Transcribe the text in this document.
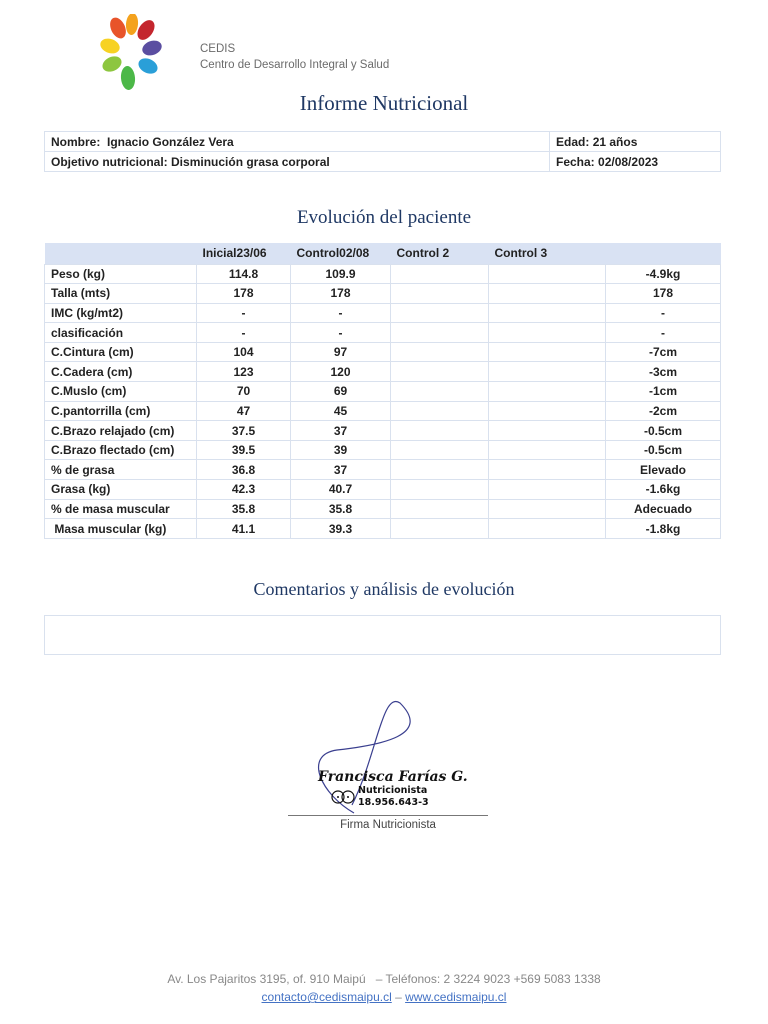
CEDIS
Centro de Desarrollo Integral y Salud
Informe Nutricional
Nombre: Ignacio González Vera	Edad: 21 años
Objetivo nutricional: Disminución grasa corporal	Fecha: 02/08/2023
Evolución del paciente
	Inicial23/06	Control02/08	Control 2	Control 3	
Peso (kg)	114.8	109.9			-4.9kg
Talla (mts)	178	178			178
IMC (kg/mt2)	-	-			-
clasificación	-	-			-
C.Cintura (cm)	104	97			-7cm
C.Cadera (cm)	123	120			-3cm
C.Muslo (cm)	70	69			-1cm
C.pantorrilla (cm)	47	45			-2cm
C.Brazo relajado (cm)	37.5	37			-0.5cm
C.Brazo flectado (cm)	39.5	39			-0.5cm
% de grasa	36.8	37			Elevado
Grasa (kg)	42.3	40.7			-1.6kg
% de masa muscular	35.8	35.8			Adecuado
Masa muscular (kg)	41.1	39.3			-1.8kg
Comentarios y análisis de evolución
Francisca Farías G.
Nutricionista
18.956.643-3
Firma Nutricionista
Av. Los Pajaritos 3195, of. 910 Maipú – Teléfonos: 2 3224 9023 +569 5083 1338
contacto@cedismaipu.cl – www.cedismaipu.cl
